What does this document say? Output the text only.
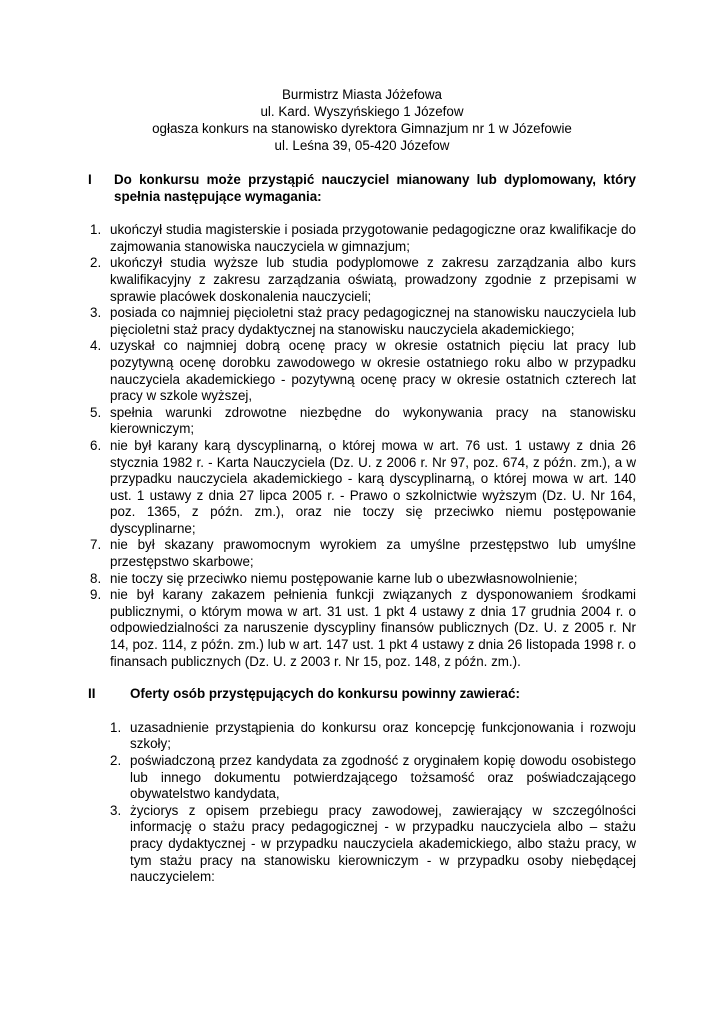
Burmistrz Miasta Jóżefowa
ul. Kard. Wyszyńskiego 1 Józefow
ogłasza konkurs na stanowisko dyrektora Gimnazjum nr 1 w Józefowie
ul. Leśna 39, 05-420 Józefow
I	Do konkursu może przystąpić nauczyciel mianowany lub dyplomowany, który spełnia następujące wymagania:
1. ukończył studia magisterskie i posiada przygotowanie pedagogiczne oraz kwalifikacje do zajmowania stanowiska nauczyciela w gimnazjum;
2. ukończył studia wyższe lub studia podyplomowe z zakresu zarządzania albo kurs kwalifikacyjny z zakresu zarządzania oświatą, prowadzony zgodnie z przepisami w sprawie placówek doskonalenia nauczycieli;
3. posiada co najmniej pięcioletni staż pracy pedagogicznej na stanowisku nauczyciela lub pięcioletni staż pracy dydaktycznej na stanowisku nauczyciela akademickiego;
4. uzyskał co najmniej dobrą ocenę pracy w okresie ostatnich pięciu lat pracy lub pozytywną ocenę dorobku zawodowego w okresie ostatniego roku albo w przypadku nauczyciela akademickiego - pozytywną ocenę pracy w okresie ostatnich czterech lat pracy w szkole wyższej,
5. spełnia warunki zdrowotne niezbędne do wykonywania pracy na stanowisku kierowniczym;
6. nie był karany karą dyscyplinarną, o której mowa w art. 76 ust. 1 ustawy z dnia 26 stycznia 1982 r. - Karta Nauczyciela (Dz. U. z 2006 r. Nr 97, poz. 674, z późn. zm.), a w przypadku nauczyciela akademickiego - karą dyscyplinarną, o której mowa w art. 140 ust. 1 ustawy z dnia 27 lipca 2005 r. - Prawo o szkolnictwie wyższym (Dz. U. Nr 164, poz. 1365, z późn. zm.), oraz nie toczy się przeciwko niemu postępowanie dyscyplinarne;
7. nie był skazany prawomocnym wyrokiem za umyślne przestępstwo lub umyślne przestępstwo skarbowe;
8. nie toczy się przeciwko niemu postępowanie karne lub o ubezwłasnowolnienie;
9. nie był karany zakazem pełnienia funkcji związanych z dysponowaniem środkami publicznymi, o którym mowa w art. 31 ust. 1 pkt 4 ustawy z dnia 17 grudnia 2004 r. o odpowiedzialności za naruszenie dyscypliny finansów publicznych (Dz. U. z 2005 r. Nr 14, poz. 114, z późn. zm.) lub w art. 147 ust. 1 pkt 4 ustawy z dnia 26 listopada 1998 r. o finansach publicznych (Dz. U. z 2003 r. Nr 15, poz. 148, z późn. zm.).
II	Oferty osób przystępujących do konkursu powinny zawierać:
1. uzasadnienie przystąpienia do konkursu oraz koncepcję funkcjonowania i rozwoju szkoły;
2. poświadczoną przez kandydata za zgodność z oryginałem kopię dowodu osobistego lub innego dokumentu potwierdzającego tożsamość oraz poświadczającego obywatelstwo kandydata,
3. życiorys z opisem przebiegu pracy zawodowej, zawierający w szczególności informację o stażu pracy pedagogicznej - w przypadku nauczyciela albo – stażu pracy dydaktycznej - w przypadku nauczyciela akademickiego, albo stażu pracy, w tym stażu pracy na stanowisku kierowniczym - w przypadku osoby niebędącej nauczycielem:
